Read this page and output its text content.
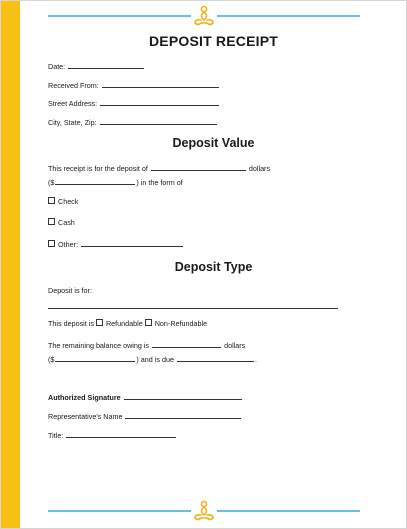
DEPOSIT RECEIPT
Date:
Received From:
Street Address:
City, State, Zip:
Deposit Value
This receipt is for the deposit of	dollars
($	) in the form of
Check
Cash
Other:
Deposit Type
Deposit is for:
This deposit is Refundable Non-Refundable
The remaining balance owing is	dollars
($	) and is due	.
Authorized Signature
Representative's Name
Title:
